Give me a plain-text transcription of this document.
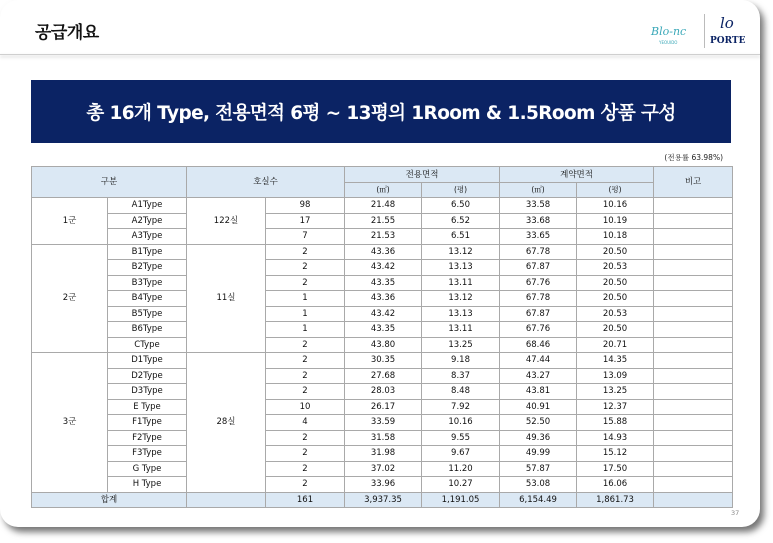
공급개요	Blo-nc
YEOUIDO
lo
PORTE
총 16개 Type, 전용면적 6평 ~ 13평의 1Room & 1.5Room 상품 구성
(전용률 63.98%)
구분		호실수		전용면적		계약면적		비고
				(㎡)	(평)	(㎡)	(평)	
1군	A1Type	122실	98	21.48	6.50	33.58	10.16	
	A2Type		17	21.55	6.52	33.68	10.19	
	A3Type		7	21.53	6.51	33.65	10.18	
2군	B1Type	11실	2	43.36	13.12	67.78	20.50	
	B2Type		2	43.42	13.13	67.87	20.53	
	B3Type		2	43.35	13.11	67.76	20.50	
	B4Type		1	43.36	13.12	67.78	20.50	
	B5Type		1	43.42	13.13	67.87	20.53	
	B6Type		1	43.35	13.11	67.76	20.50	
	CType		2	43.80	13.25	68.46	20.71	
3군	D1Type	28실	2	30.35	9.18	47.44	14.35	
	D2Type		2	27.68	8.37	43.27	13.09	
	D3Type		2	28.03	8.48	43.81	13.25	
	E Type		10	26.17	7.92	40.91	12.37	
	F1Type		4	33.59	10.16	52.50	15.88	
	F2Type		2	31.58	9.55	49.36	14.93	
	F3Type		2	31.98	9.67	49.99	15.12	
	G Type		2	37.02	11.20	57.87	17.50	
	H Type		2	33.96	10.27	53.08	16.06	
합계			161	3,937.35	1,191.05	6,154.49	1,861.73	
37
